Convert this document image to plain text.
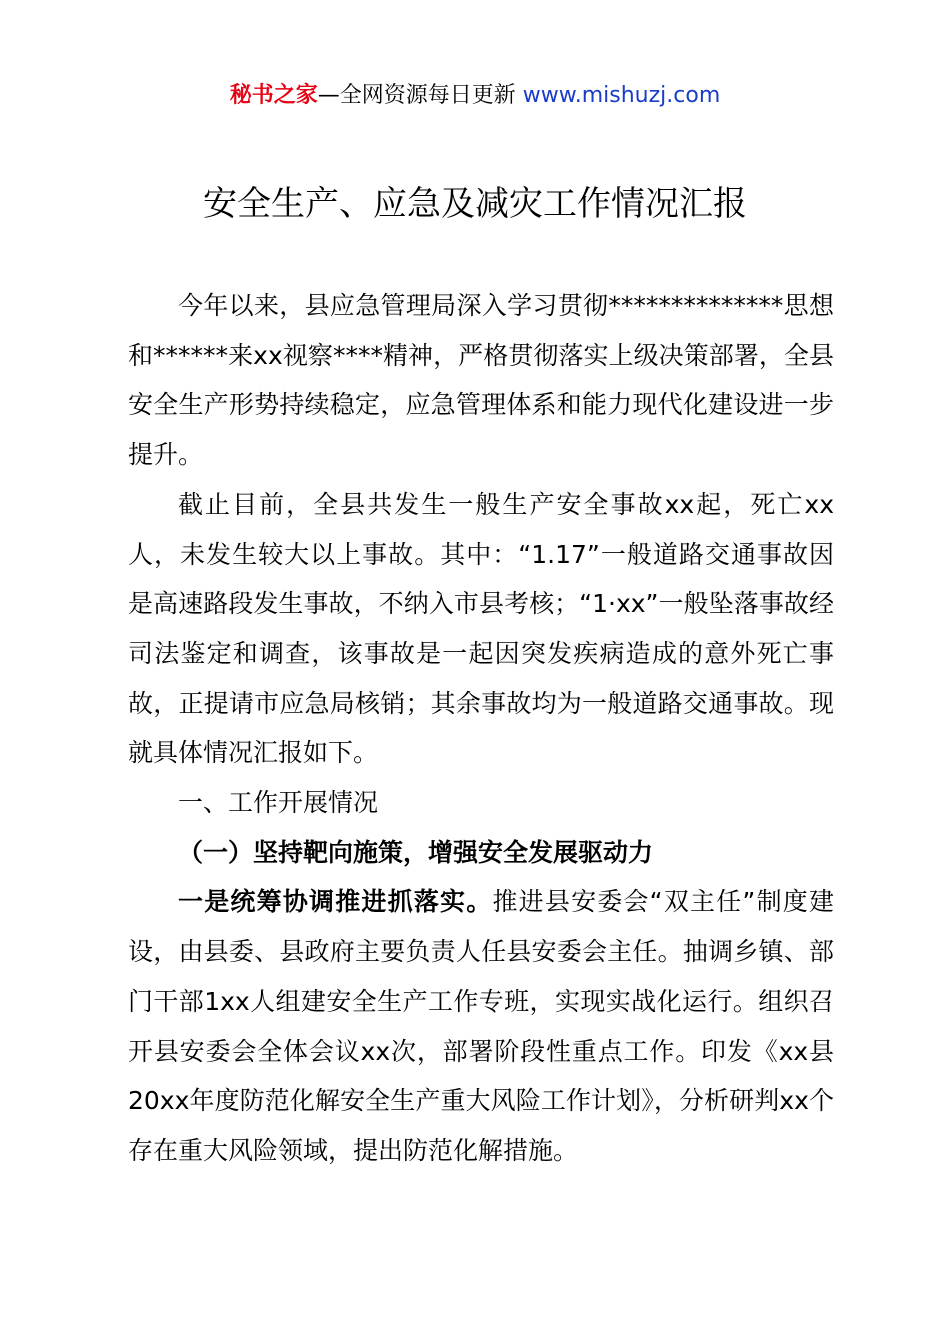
秘书之家—全网资源每日更新 www.mishuzj.com
安全生产、应急及减灾工作情况汇报

今年以来，县应急管理局深入学习贯彻**************思想和******来xx视察****精神，严格贯彻落实上级决策部署，全县安全生产形势持续稳定，应急管理体系和能力现代化建设进一步提升。

截止目前，全县共发生一般生产安全事故xx起，死亡xx人，未发生较大以上事故。其中：“1.17”一般道路交通事故因是高速路段发生事故，不纳入市县考核；“1·xx”一般坠落事故经司法鉴定和调查，该事故是一起因突发疾病造成的意外死亡事故，正提请市应急局核销；其余事故均为一般道路交通事故。现就具体情况汇报如下。

一、工作开展情况

（一）坚持靶向施策，增强安全发展驱动力

一是统筹协调推进抓落实。推进县安委会“双主任”制度建设，由县委、县政府主要负责人任县安委会主任。抽调乡镇、部门干部1xx人组建安全生产工作专班，实现实战化运行。组织召开县安委会全体会议xx次，部署阶段性重点工作。印发《xx县20xx年度防范化解安全生产重大风险工作计划》，分析研判xx个存在重大风险领域，提出防范化解措施。
